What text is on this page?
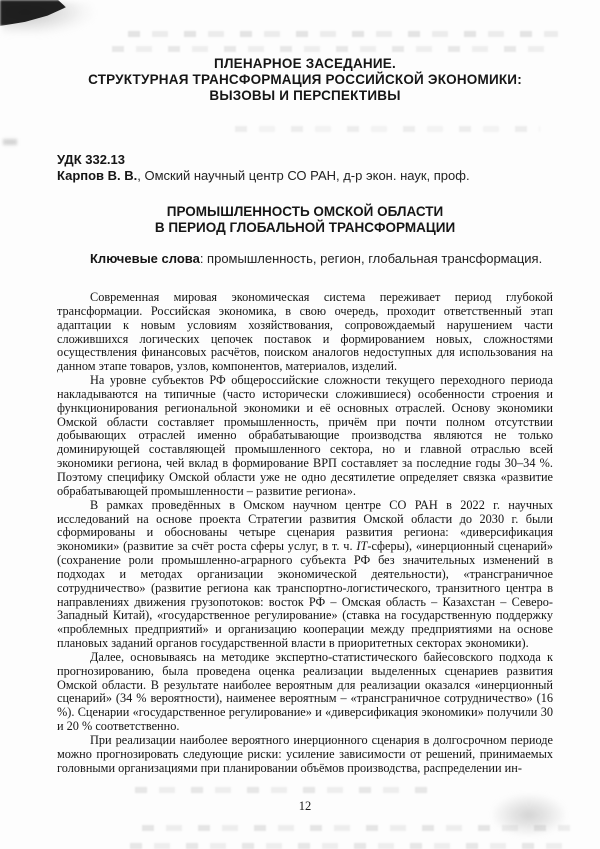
ПЛЕНАРНОЕ ЗАСЕДАНИЕ.
СТРУКТУРНАЯ ТРАНСФОРМАЦИЯ РОССИЙСКОЙ ЭКОНОМИКИ:
ВЫЗОВЫ И ПЕРСПЕКТИВЫ
УДК 332.13
Карпов В. В., Омский научный центр СО РАН, д-р экон. наук, проф.
ПРОМЫШЛЕННОСТЬ ОМСКОЙ ОБЛАСТИ
В ПЕРИОД ГЛОБАЛЬНОЙ ТРАНСФОРМАЦИИ
Ключевые слова: промышленность, регион, глобальная трансформация.

Современная мировая экономическая система переживает период глубокой трансформации. Российская экономика, в свою очередь, проходит ответственный этап адаптации к новым условиям хозяйствования, сопровождаемый нарушением части сложившихся логических цепочек поставок и формированием новых, сложностями осуществления финансовых расчётов, поиском аналогов недоступных для использования на данном этапе товаров, узлов, компонентов, материалов, изделий.

На уровне субъектов РФ общероссийские сложности текущего переходного периода накладываются на типичные (часто исторически сложившиеся) особенности строения и функционирования региональной экономики и её основных отраслей. Основу экономики Омской области составляет промышленность, причём при почти полном отсутствии добывающих отраслей именно обрабатывающие производства являются не только доминирующей составляющей промышленного сектора, но и главной отраслью всей экономики региона, чей вклад в формирование ВРП составляет за последние годы 30–34 %. Поэтому специфику Омской области уже не одно десятилетие определяет связка «развитие обрабатывающей промышленности – развитие региона».

В рамках проведённых в Омском научном центре СО РАН в 2022 г. научных исследований на основе проекта Стратегии развития Омской области до 2030 г. были сформированы и обоснованы четыре сценария развития региона: «диверсификация экономики» (развитие за счёт роста сферы услуг, в т. ч. IT-сферы), «инерционный сценарий» (сохранение роли промышленно-аграрного субъекта РФ без значительных изменений в подходах и методах организации экономической деятельности), «трансграничное сотрудничество» (развитие региона как транспортно-логистического, транзитного центра в направлениях движения грузопотоков: восток РФ – Омская область – Казахстан – Северо-Западный Китай), «государственное регулирование» (ставка на государственную поддержку «проблемных предприятий» и организацию кооперации между предприятиями на основе плановых заданий органов государственной власти в приоритетных секторах экономики).

Далее, основываясь на методике экспертно-статистического байесовского подхода к прогнозированию, была проведена оценка реализации выделенных сценариев развития Омской области. В результате наиболее вероятным для реализации оказался «инерционный сценарий» (34 % вероятности), наименее вероятным – «трансграничное сотрудничество» (16 %). Сценарии «государственное регулирование» и «диверсификация экономики» получили 30 и 20 % соответственно.

При реализации наиболее вероятного инерционного сценария в долгосрочном периоде можно прогнозировать следующие риски: усиление зависимости от решений, принимаемых головными организациями при планировании объёмов производства, распределении ин-

12
